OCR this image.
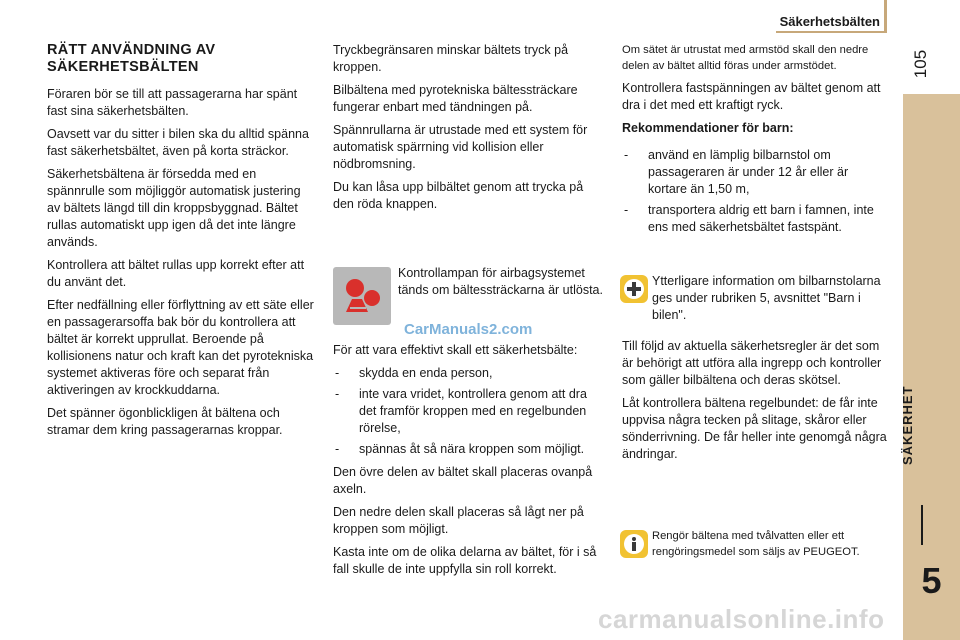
Säkerhetsbälten
105
SÄKERHET
5
RÄTT ANVÄNDNING AV SÄKERHETSBÄLTEN

Föraren bör se till att passagerarna har spänt fast sina säkerhetsbälten.

Oavsett var du sitter i bilen ska du alltid spänna fast säkerhetsbältet, även på korta sträckor.

Säkerhetsbältena är försedda med en spännrulle som möjliggör automatisk justering av bältets längd till din kroppsbyggnad. Bältet rullas automatiskt upp igen då det inte längre används.

Kontrollera att bältet rullas upp korrekt efter att du använt det.

Efter nedfällning eller förflyttning av ett säte eller en passagerarsoffa bak bör du kontrollera att bältet är korrekt upprullat. Beroende på kollisionens natur och kraft kan det pyrotekniska systemet aktiveras före och separat från aktiveringen av krockkuddarna.

Det spänner ögonblickligen åt bältena och stramar dem kring passagerarnas kroppar.

Tryckbegränsaren minskar bältets tryck på kroppen.

Bilbältena med pyrotekniska bältessträckare fungerar enbart med tändningen på.

Spännrullarna är utrustade med ett system för automatisk spärrning vid kollision eller nödbromsning.

Du kan låsa upp bilbältet genom att trycka på den röda knappen.

Kontrollampan för airbagsystemet tänds om bältessträckarna är utlösta.

CarManuals2.com

För att vara effektivt skall ett säkerhetsbälte:

- skydda en enda person,
- inte vara vridet, kontrollera genom att dra det framför kroppen med en regelbunden rörelse,
- spännas åt så nära kroppen som möjligt.

Den övre delen av bältet skall placeras ovanpå axeln.

Den nedre delen skall placeras så lågt ner på kroppen som möjligt.

Kasta inte om de olika delarna av bältet, för i så fall skulle de inte uppfylla sin roll korrekt.

Om sätet är utrustat med armstöd skall den nedre delen av bältet alltid föras under armstödet.

Kontrollera fastspänningen av bältet genom att dra i det med ett kraftigt ryck.

Rekommendationer för barn:
- använd en lämplig bilbarnstol om passageraren är under 12 år eller är kortare än 1,50 m,
- transportera aldrig ett barn i famnen, inte ens med säkerhetsbältet fastspänt.

Ytterligare information om bilbarnstolarna ges under rubriken 5, avsnittet "Barn i bilen".

Till följd av aktuella säkerhetsregler är det som är behörigt att utföra alla ingrepp och kontroller som gäller bilbältena och deras skötsel.

Låt kontrollera bältena regelbundet: de får inte uppvisa några tecken på slitage, skåror eller sönderrivning. De får heller inte genomgå några ändringar.

Rengör bältena med tvålvatten eller ett rengöringsmedel som säljs av PEUGEOT.

carmanualsonline.info
